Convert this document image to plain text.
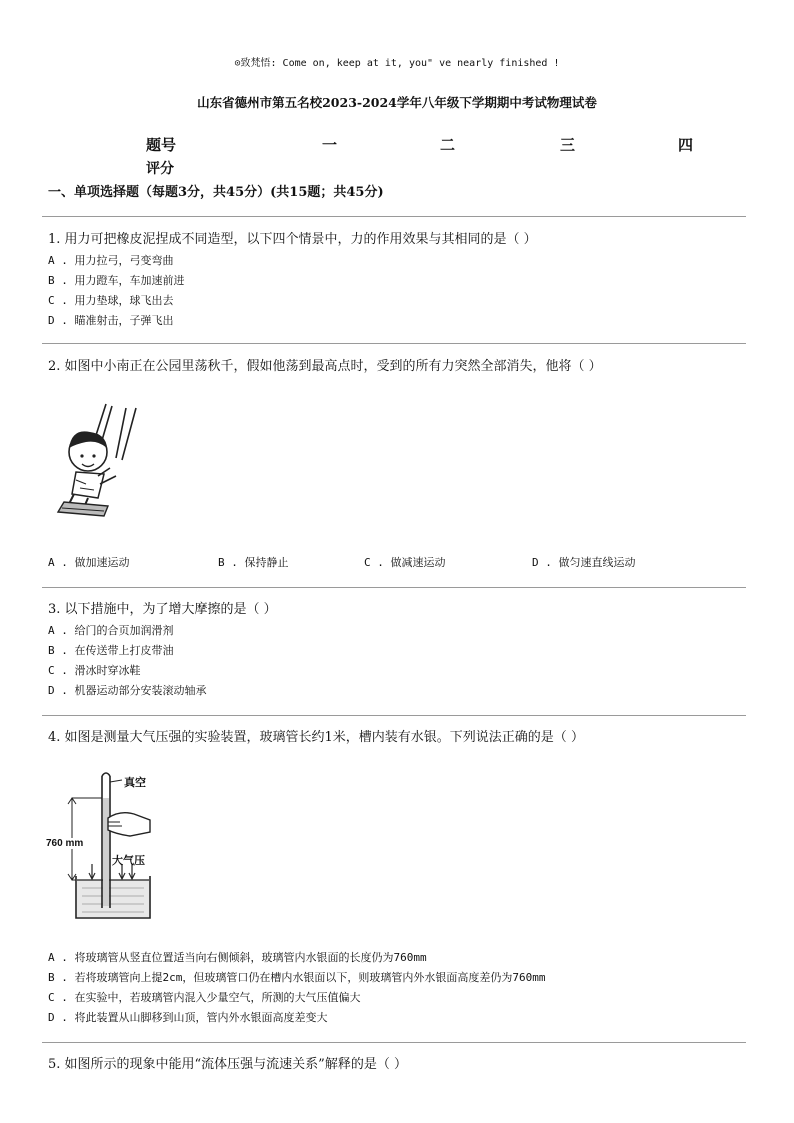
⊙致梵悟: Come on, keep at it, you" ve nearly finished !
山东省德州市第五名校2023-2024学年八年级下学期期中考试物理试卷
题号	一	二	三	四
评分
一、单项选择题（每题3分，共45分）(共15题；共45分)
1. 用力可把橡皮泥捏成不同造型，以下四个情景中，力的作用效果与其相同的是（ ）
A . 用力拉弓，弓变弯曲
B . 用力蹬车，车加速前进
C . 用力垫球，球飞出去
D . 瞄准射击，子弹飞出
2. 如图中小南正在公园里荡秋千，假如他荡到最高点时，受到的所有力突然全部消失，他将（ ）
A . 做加速运动	B . 保持静止	C . 做减速运动	D . 做匀速直线运动
3. 以下措施中，为了增大摩擦的是（ ）
A . 给门的合页加润滑剂
B . 在传送带上打皮带油
C . 滑冰时穿冰鞋
D . 机器运动部分安装滚动轴承
4. 如图是测量大气压强的实验装置，玻璃管长约1米，槽内装有水银。下列说法正确的是（ ）
真空
760 mm
大气压
A . 将玻璃管从竖直位置适当向右侧倾斜，玻璃管内水银面的长度仍为760mm
B . 若将玻璃管向上提2cm，但玻璃管口仍在槽内水银面以下，则玻璃管内外水银面高度差仍为760mm
C . 在实验中，若玻璃管内混入少量空气，所测的大气压值偏大
D . 将此装置从山脚移到山顶，管内外水银面高度差变大
5. 如图所示的现象中能用“流体压强与流速关系”解释的是（ ）
